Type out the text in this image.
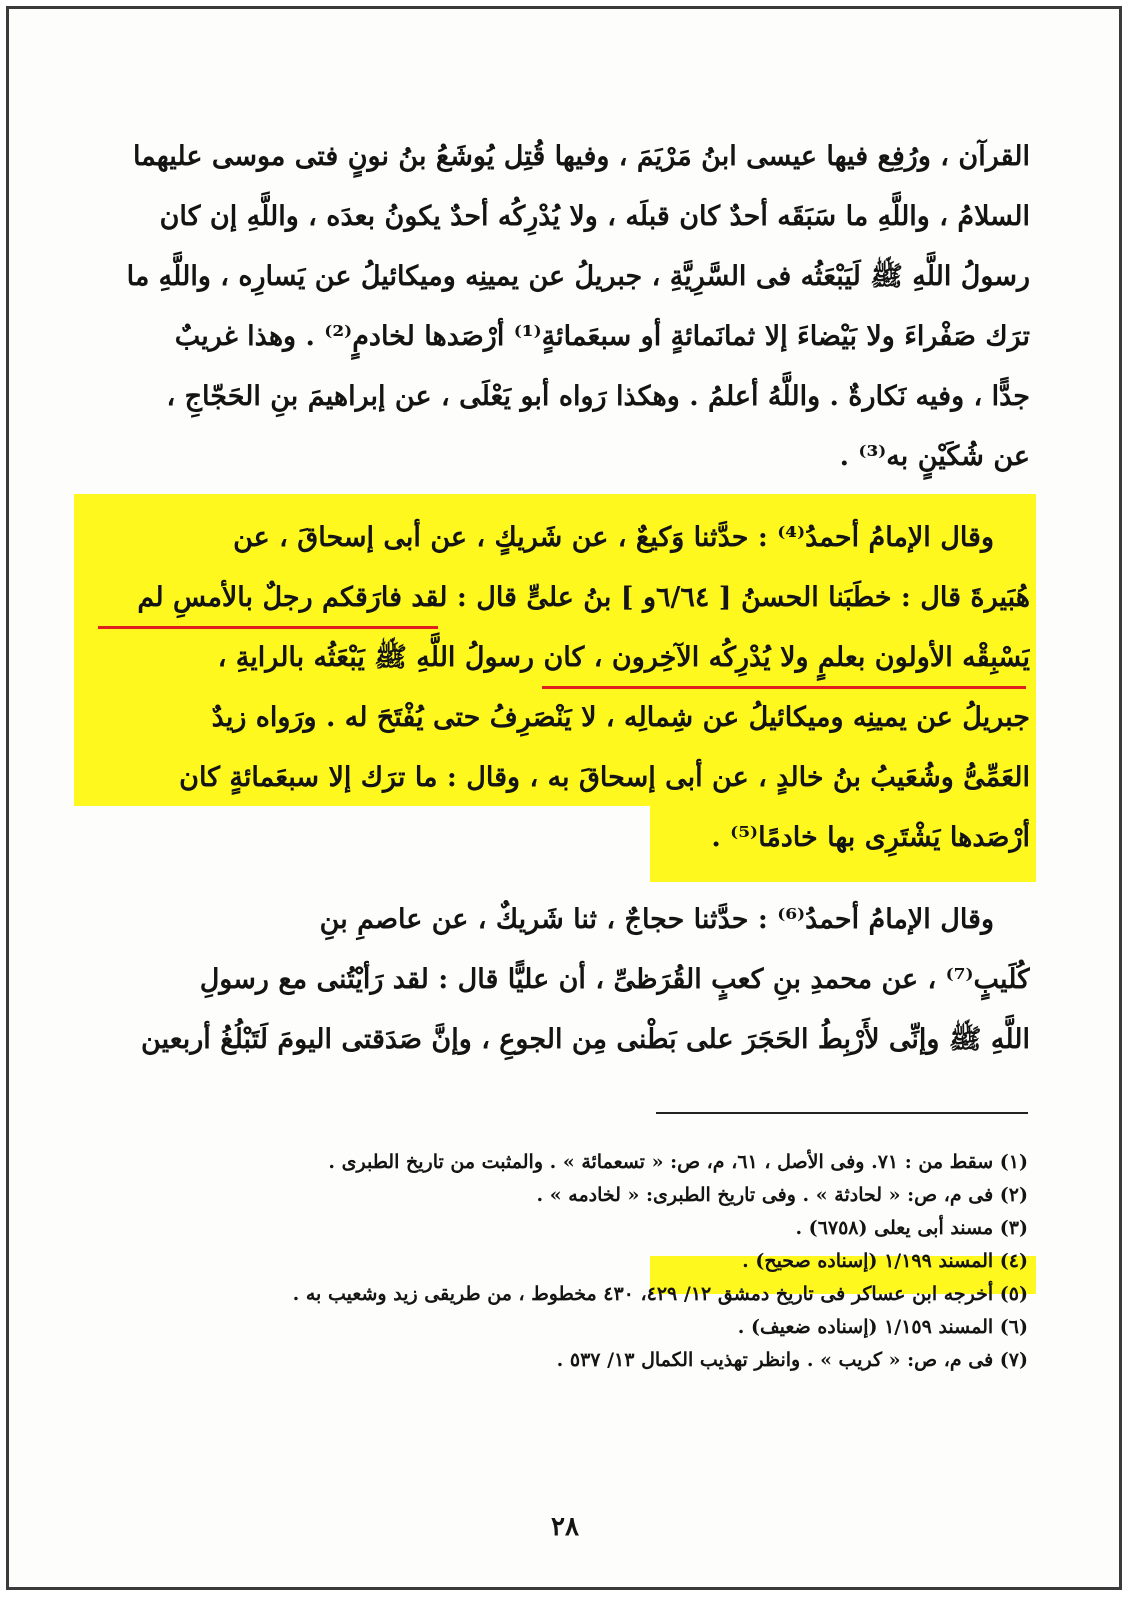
القرآن ، ورُفِع فيها عيسى ابنُ مَرْيَمَ ، وفيها قُتِل يُوشَعُ بنُ نونٍ فتى موسى عليهما
السلامُ ، واللَّهِ ما سَبَقَه أحدٌ كان قبلَه ، ولا يُدْرِكُه أحدٌ يكونُ بعدَه ، واللَّهِ إن كان
رسولُ اللَّهِ ﷺ لَيَبْعَثُه فى السَّرِيَّةِ ، جبريلُ عن يمينِه وميكائيلُ عن يَسارِه ، واللَّهِ ما
ترَك صَفْراءَ ولا بَيْضاءَ إلا ثمانَمائةٍ أو سبعَمائةٍ⁽¹⁾ أرْصَدها لخادمٍ⁽²⁾ . وهذا غريبٌ
جدًّا ، وفيه نَكارةٌ . واللَّهُ أعلمُ . وهكذا رَواه أبو يَعْلَى ، عن إبراهيمَ بنِ الحَجّاجِ ،
عن شُكَيْنٍ به⁽³⁾ .
وقال الإمامُ أحمدُ⁽⁴⁾ : حدَّثنا وَكيعٌ ، عن شَريكٍ ، عن أبى إسحاقَ ، عن
هُبَيرةَ قال : خطَبَنا الحسنُ [ ٦/٦٤و ] بنُ علىٍّ قال : لقد فارَقكم رجلٌ بالأمسِ لم
يَسْبِقْه الأولون بعلمٍ ولا يُدْرِكُه الآخِرون ، كان رسولُ اللَّهِ ﷺ يَبْعَثُه بالرايةِ ،
جبريلُ عن يمينِه وميكائيلُ عن شِمالِه ، لا يَنْصَرِفُ حتى يُفْتَحَ له . ورَواه زيدٌ
العَمِّىُّ وشُعَيبُ بنُ خالدٍ ، عن أبى إسحاقَ به ، وقال : ما ترَك إلا سبعَمائةٍ كان
أرْصَدها يَشْتَرِى بها خادمًا⁽⁵⁾ .
وقال الإمامُ أحمدُ⁽⁶⁾ : حدَّثنا حجاجٌ ، ثنا شَريكٌ ، عن عاصمِ بنِ
كُلَيبٍ⁽⁷⁾ ، عن محمدِ بنِ كعبٍ القُرَظىِّ ، أن عليًّا قال : لقد رَأيْتُنى مع رسولِ
اللَّهِ ﷺ وإنِّى لأَرْبِطُ الحَجَرَ على بَطْنى مِن الجوعِ ، وإنَّ صَدَقتى اليومَ لَتَبْلُغُ أربعين
(١) سقط من : ٧١. وفى الأصل ، ٦١، م، ص: « تسعمائة » . والمثبت من تاريخ الطبرى .
(٢) فى م، ص: « لحادثة » . وفى تاريخ الطبرى: « لخادمه » .
(٣) مسند أبى يعلى (٦٧٥٨) .
(٤) المسند ١/١٩٩ (إسناده صحيح) .
(٥) أخرجه ابن عساكر فى تاريخ دمشق ١٢/ ٤٢٩، ٤٣٠ مخطوط ، من طريقى زيد وشعيب به .
(٦) المسند ١/١٥٩ (إسناده ضعيف) .
(٧) فى م، ص: « كريب » . وانظر تهذيب الكمال ١٣/ ٥٣٧ .
٢٨
